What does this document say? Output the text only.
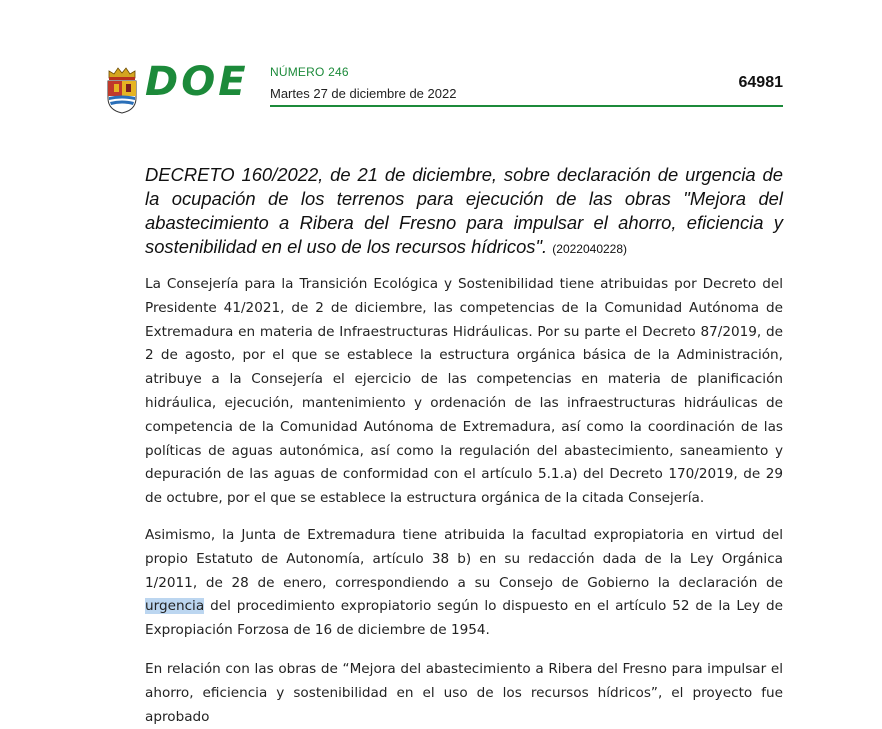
DOE NÚMERO 246
Martes 27 de diciembre de 2022
64981

DECRETO 160/2022, de 21 de diciembre, sobre declaración de urgencia de la ocupación de los terrenos para ejecución de las obras "Mejora del abastecimiento a Ribera del Fresno para impulsar el ahorro, eficiencia y sostenibilidad en el uso de los recursos hídricos". (2022040228)

La Consejería para la Transición Ecológica y Sostenibilidad tiene atribuidas por Decreto del Presidente 41/2021, de 2 de diciembre, las competencias de la Comunidad Autónoma de Extremadura en materia de Infraestructuras Hidráulicas. Por su parte el Decreto 87/2019, de 2 de agosto, por el que se establece la estructura orgánica básica de la Administración, atribuye a la Consejería el ejercicio de las competencias en materia de planificación hidráulica, ejecución, mantenimiento y ordenación de las infraestructuras hidráulicas de competencia de la Comunidad Autónoma de Extremadura, así como la coordinación de las políticas de aguas autonómica, así como la regulación del abastecimiento, saneamiento y depuración de las aguas de conformidad con el artículo 5.1.a) del Decreto 170/2019, de 29 de octubre, por el que se establece la estructura orgánica de la citada Consejería.

Asimismo, la Junta de Extremadura tiene atribuida la facultad expropiatoria en virtud del propio Estatuto de Autonomía, artículo 38 b) en su redacción dada de la Ley Orgánica 1/2011, de 28 de enero, correspondiendo a su Consejo de Gobierno la declaración de urgencia del procedimiento expropiatorio según lo dispuesto en el artículo 52 de la Ley de Expropiación Forzosa de 16 de diciembre de 1954.

En relación con las obras de “Mejora del abastecimiento a Ribera del Fresno para impulsar el ahorro, eficiencia y sostenibilidad en el uso de los recursos hídricos”, el proyecto fue aprobado
